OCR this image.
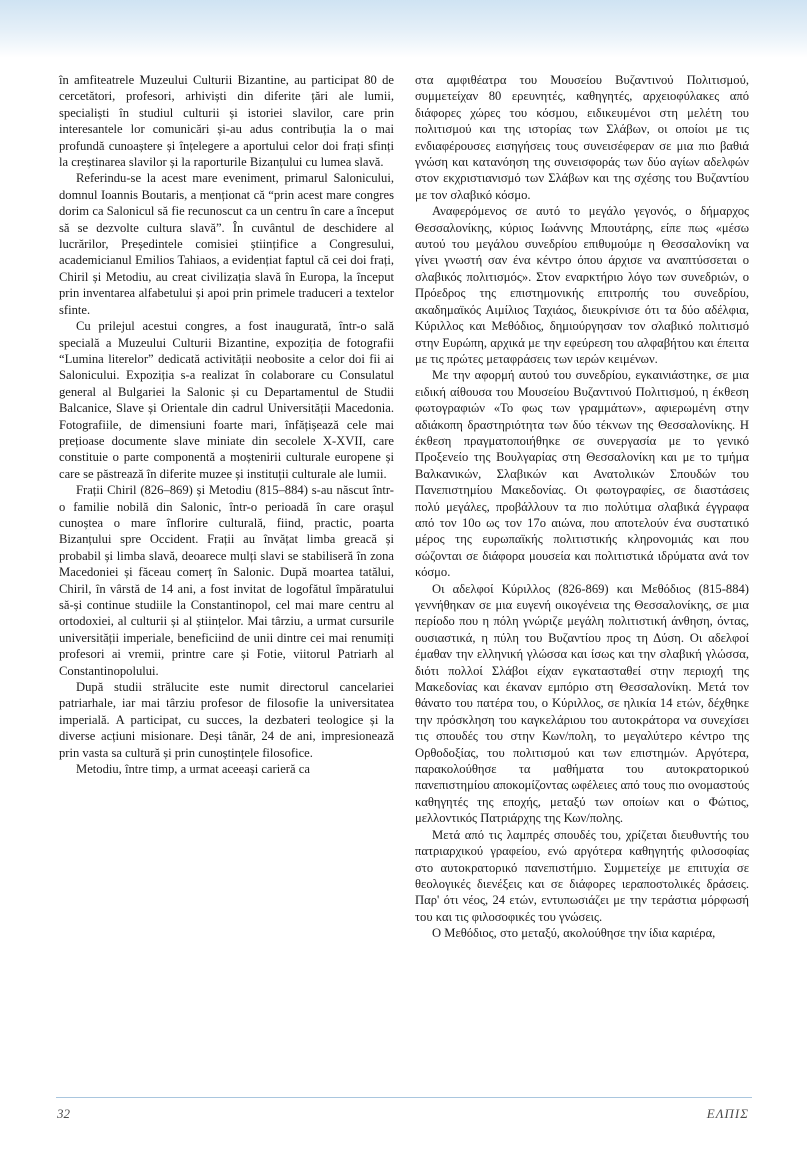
în amfiteatrele Muzeului Culturii Bizantine, au participat 80 de cercetători, profesori, arhiviști din diferite țări ale lumii, specialiști în studiul culturii și istoriei slavilor, care prin interesantele lor comunicări și-au adus contribuția la o mai profundă cunoaștere și înțelegere a aportului celor doi frați sfinți la creștinarea slavilor și la raporturile Bizanțului cu lumea slavă.

Referindu-se la acest mare eveniment, primarul Salonicului, domnul Ioannis Boutaris, a menționat că “prin acest mare congres dorim ca Salonicul să fie recunoscut ca un centru în care a început să se dezvolte cultura slavă”. În cuvântul de deschidere al lucrărilor, Președintele comisiei științifice a Congresului, academicianul Emilios Tahiaos, a evidențiat faptul că cei doi frați, Chiril și Metodiu, au creat civilizația slavă în Europa, la început prin inventarea alfabetului și apoi prin primele traduceri a textelor sfinte.

Cu prilejul acestui congres, a fost inaugurată, într-o sală specială a Muzeului Culturii Bizantine, expoziția de fotografii “Lumina literelor” dedicată activității neobosite a celor doi fii ai Salonicului. Expoziția s-a realizat în colaborare cu Consulatul general al Bulgariei la Salonic și cu Departamentul de Studii Balcanice, Slave și Orientale din cadrul Universității Macedonia. Fotografiile, de dimensiuni foarte mari, înfățișează cele mai prețioase documente slave miniate din secolele X-XVII, care constituie o parte componentă a moștenirii culturale europene și care se păstrează în diferite muzee și instituții culturale ale lumii.

Frații Chiril (826–869) și Metodiu (815–884) s-au născut într-o familie nobilă din Salonic, într-o perioadă în care orașul cunoștea o mare înflorire culturală, fiind, practic, poarta Bizanțului spre Occident. Frații au învățat limba greacă și probabil și limba slavă, deoarece mulți slavi se stabiliseră în zona Macedoniei și făceau comerț în Salonic. După moartea tatălui, Chiril, în vârstă de 14 ani, a fost invitat de logofătul împăratului să-și continue studiile la Constantinopol, cel mai mare centru al ortodoxiei, al culturii și al științelor. Mai târziu, a urmat cursurile universității imperiale, beneficiind de unii dintre cei mai renumiți profesori ai vremii, printre care și Fotie, viitorul Patriarh al Constantinopolului.

După studii strălucite este numit directorul cancelariei patriarhale, iar mai târziu profesor de filosofie la universitatea imperială. A participat, cu succes, la dezbateri teologice și la diverse acțiuni misionare. Deși tânăr, 24 de ani, impresionează prin vasta sa cultură și prin cunoștințele filosofice.

Metodiu, între timp, a urmat aceeași carieră ca

στα αμφιθέατρα του Μουσείου Βυζαντινού Πολιτισμού, συμμετείχαν 80 ερευνητές, καθηγητές, αρχειοφύλακες από διάφορες χώρες του κόσμου, ειδικευμένοι στη μελέτη του πολιτισμού και της ιστορίας των Σλάβων, οι οποίοι με τις ενδιαφέρουσες εισηγήσεις τους συνεισέφεραν σε μια πιο βαθιά γνώση και κατανόηση της συνεισφοράς των δύο αγίων αδελφών στον εκχριστιανισμό των Σλάβων και της σχέσης του Βυζαντίου με τον σλαβικό κόσμο.

Αναφερόμενος σε αυτό το μεγάλο γεγονός, ο δήμαρχος Θεσσαλονίκης, κύριος Ιωάννης Μπουτάρης, είπε πως «μέσω αυτού του μεγάλου συνεδρίου επιθυμούμε η Θεσσαλονίκη να γίνει γνωστή σαν ένα κέντρο όπου άρχισε να αναπτύσσεται ο σλαβικός πολιτισμός». Στον εναρκτήριο λόγο των συνεδριών, ο Πρόεδρος της επιστημονικής επιτροπής του συνεδρίου, ακαδημαϊκός Αιμίλιος Ταχιάος, διευκρίνισε ότι τα δύο αδέλφια, Κύριλλος και Μεθόδιος, δημιούργησαν τον σλαβικό πολιτισμό στην Ευρώπη, αρχικά με την εφεύρεση του αλφαβήτου και έπειτα με τις πρώτες μεταφράσεις των ιερών κειμένων.

Με την αφορμή αυτού του συνεδρίου, εγκαινιάστηκε, σε μια ειδική αίθουσα του Μουσείου Βυζαντινού Πολιτισμού, η έκθεση φωτογραφιών «Το φως των γραμμάτων», αφιερωμένη στην αδιάκοπη δραστηριότητα των δύο τέκνων της Θεσσαλονίκης. Η έκθεση πραγματοποιήθηκε σε συνεργασία με το γενικό Προξενείο της Βουλγαρίας στη Θεσσαλονίκη και με το τμήμα Βαλκανικών, Σλαβικών και Ανατολικών Σπουδών του Πανεπιστημίου Μακεδονίας. Οι φωτογραφίες, σε διαστάσεις πολύ μεγάλες, προβάλλουν τα πιο πολύτιμα σλαβικά έγγραφα από τον 10ο ως τον 17ο αιώνα, που αποτελούν ένα συστατικό μέρος της ευρωπαϊκής πολιτιστικής κληρονομιάς και που σώζονται σε διάφορα μουσεία και πολιτιστικά ιδρύματα ανά τον κόσμο.

Οι αδελφοί Κύριλλος (826-869) και Μεθόδιος (815-884) γεννήθηκαν σε μια ευγενή οικογένεια της Θεσσαλονίκης, σε μια περίοδο που η πόλη γνώριζε μεγάλη πολιτιστική άνθηση, όντας, ουσιαστικά, η πύλη του Βυζαντίου προς τη Δύση. Οι αδελφοί έμαθαν την ελληνική γλώσσα και ίσως και την σλαβική γλώσσα, διότι πολλοί Σλάβοι είχαν εγκατασταθεί στην περιοχή της Μακεδονίας και έκαναν εμπόριο στη Θεσσαλονίκη. Μετά τον θάνατο του πατέρα του, ο Κύριλλος, σε ηλικία 14 ετών, δέχθηκε την πρόσκληση του καγκελάριου του αυτοκράτορα να συνεχίσει τις σπουδές του στην Κων/πολη, το μεγαλύτερο κέντρο της Ορθοδοξίας, του πολιτισμού και των επιστημών. Αργότερα, παρακολούθησε τα μαθήματα του αυτοκρατορικού πανεπιστημίου αποκομίζοντας ωφέλειες από τους πιο ονομαστούς καθηγητές της εποχής, μεταξύ των οποίων και ο Φώτιος, μελλοντικός Πατριάρχης της Κων/πολης.

Μετά από τις λαμπρές σπουδές του, χρίζεται διευθυντής του πατριαρχικού γραφείου, ενώ αργότερα καθηγητής φιλοσοφίας στο αυτοκρατορικό πανεπιστήμιο. Συμμετείχε με επιτυχία σε θεολογικές διενέξεις και σε διάφορες ιεραποστολικές δράσεις. Παρ' ότι νέος, 24 ετών, εντυπωσιάζει με την τεράστια μόρφωσή του και τις φιλοσοφικές του γνώσεις.

Ο Μεθόδιος, στο μεταξύ, ακολούθησε την ίδια καριέρα,

32	ΕΛΠΙΣ
